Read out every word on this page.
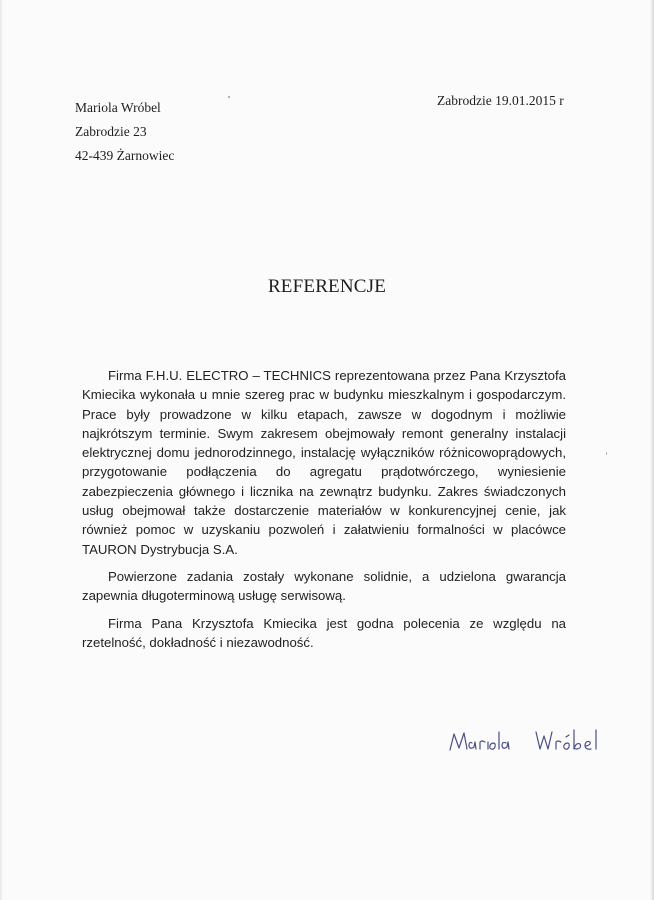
Mariola Wróbel
Zabrodzie 23
42-439 Żarnowiec
Zabrodzie 19.01.2015 r
REFERENCJE

Firma F.H.U. ELECTRO – TECHNICS reprezentowana przez Pana Krzysztofa Kmiecika wykonała u mnie szereg prac w budynku mieszkalnym i gospodarczym. Prace były prowadzone w kilku etapach, zawsze w dogodnym i możliwie najkrótszym terminie. Swym zakresem obejmowały remont generalny instalacji elektrycznej domu jednorodzinnego, instalację wyłączników różnicowoprądowych, przygotowanie podłączenia do agregatu prądotwórczego, wyniesienie zabezpieczenia głównego i licznika na zewnątrz budynku. Zakres świadczonych usług obejmował także dostarczenie materiałów w konkurencyjnej cenie, jak również pomoc w uzyskaniu pozwoleń i załatwieniu formalności w placówce TAURON Dystrybucja S.A.

Powierzone zadania zostały wykonane solidnie, a udzielona gwarancja zapewnia długoterminową usługę serwisową.

Firma Pana Krzysztofa Kmiecika jest godna polecenia ze względu na rzetelność, dokładność i niezawodność.
